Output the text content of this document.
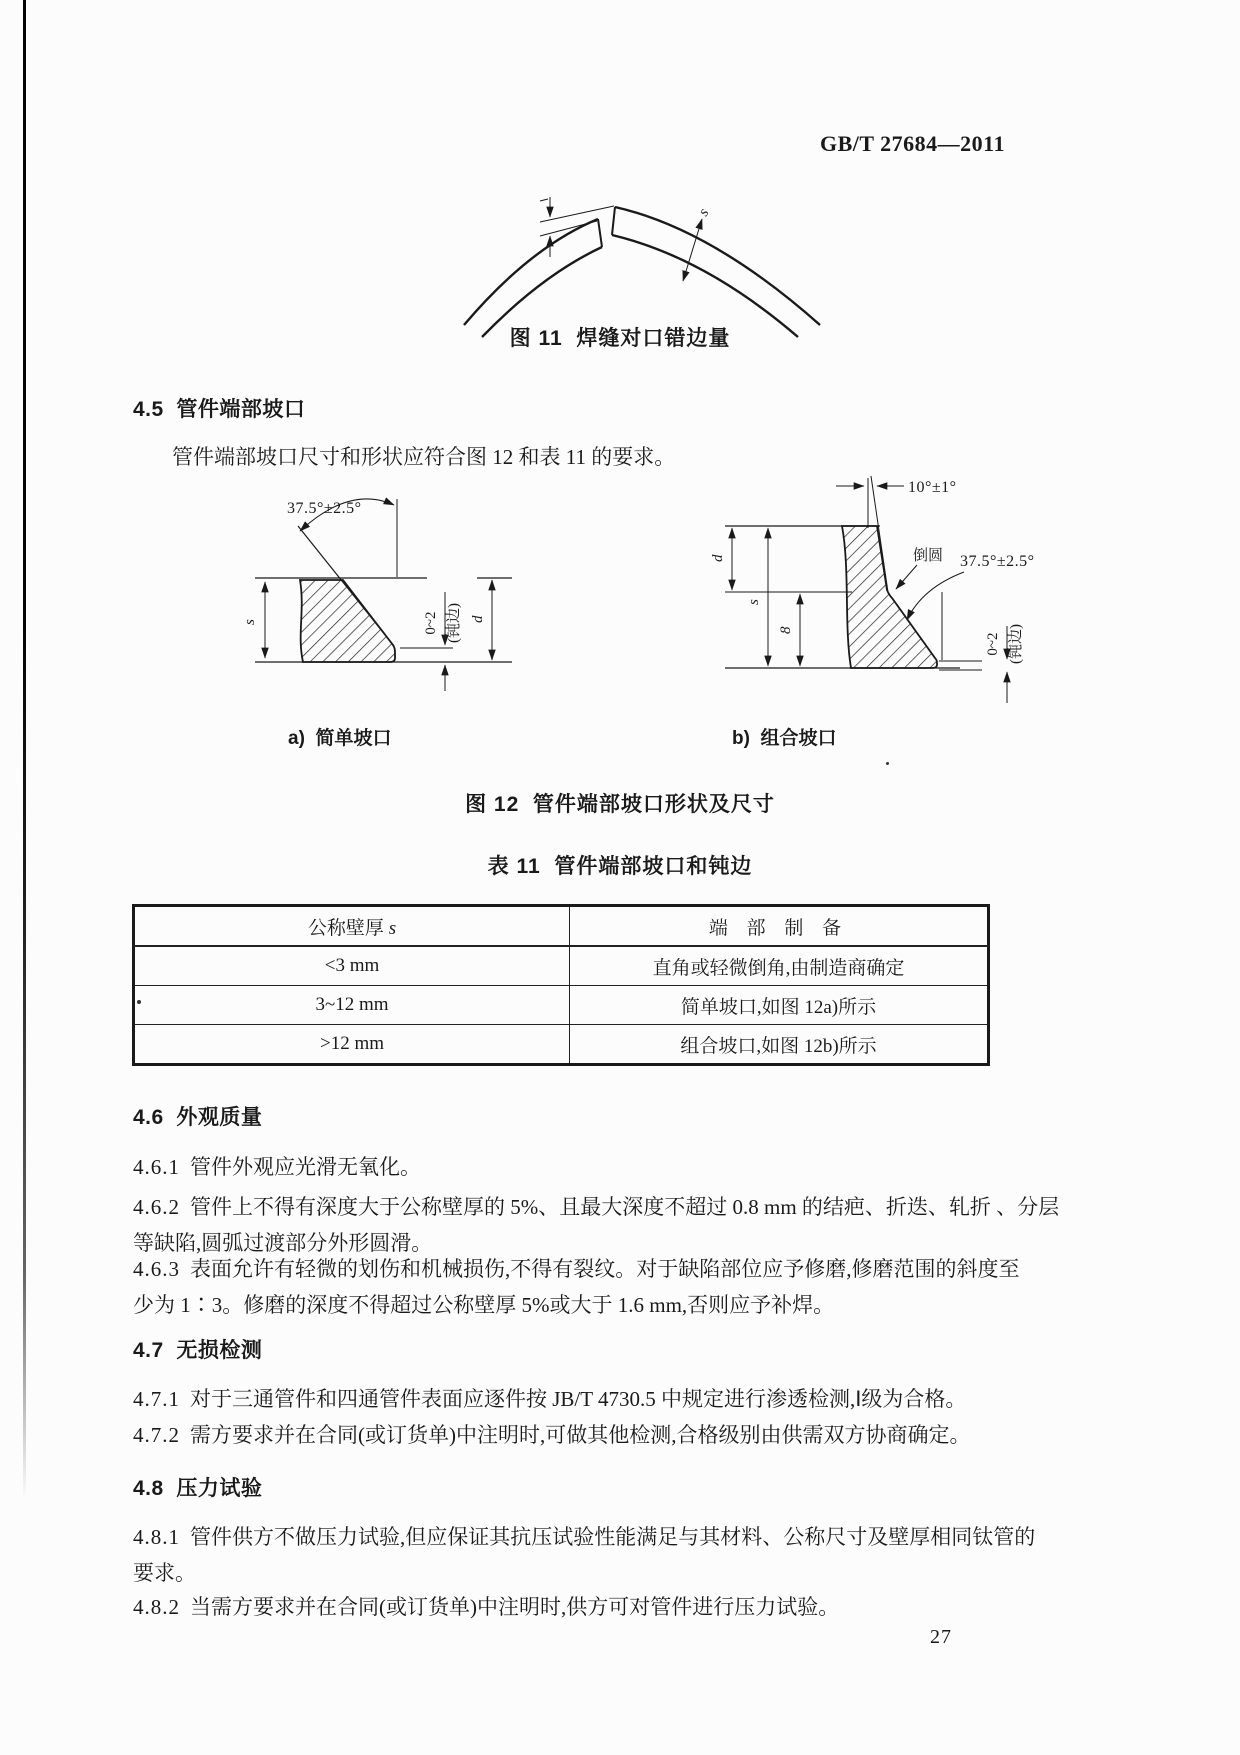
GB/T 27684—2011
s
图 11  焊缝对口错边量
4.5  管件端部坡口
管件端部坡口尺寸和形状应符合图 12 和表 11 的要求。
37.5°±2.5°
s	0~2 (钝边) d
10°±1°
d
s
8
倒圆 37.5°±2.5°
0~2 (钝边)
a)  简单坡口	b)  组合坡口
图 12  管件端部坡口形状及尺寸
表 11  管件端部坡口和钝边
公称壁厚 s	端 部 制 备
<3 mm	直角或轻微倒角,由制造商确定
3~12 mm	简单坡口,如图 12a)所示
>12 mm	组合坡口,如图 12b)所示
4.6  外观质量
4.6.1 管件外观应光滑无氧化。
4.6.2 管件上不得有深度大于公称壁厚的 5%、且最大深度不超过 0.8 mm 的结疤、折迭、轧折 、分层
等缺陷,圆弧过渡部分外形圆滑。
4.6.3 表面允许有轻微的划伤和机械损伤,不得有裂纹。对于缺陷部位应予修磨,修磨范围的斜度至
少为 1∶3。修磨的深度不得超过公称壁厚 5%或大于 1.6 mm,否则应予补焊。
4.7  无损检测
4.7.1 对于三通管件和四通管件表面应逐件按 JB/T 4730.5 中规定进行渗透检测,Ⅰ级为合格。
4.7.2 需方要求并在合同(或订货单)中注明时,可做其他检测,合格级别由供需双方协商确定。
4.8  压力试验
4.8.1 管件供方不做压力试验,但应保证其抗压试验性能满足与其材料、公称尺寸及壁厚相同钛管的
要求。
4.8.2 当需方要求并在合同(或订货单)中注明时,供方可对管件进行压力试验。
27
